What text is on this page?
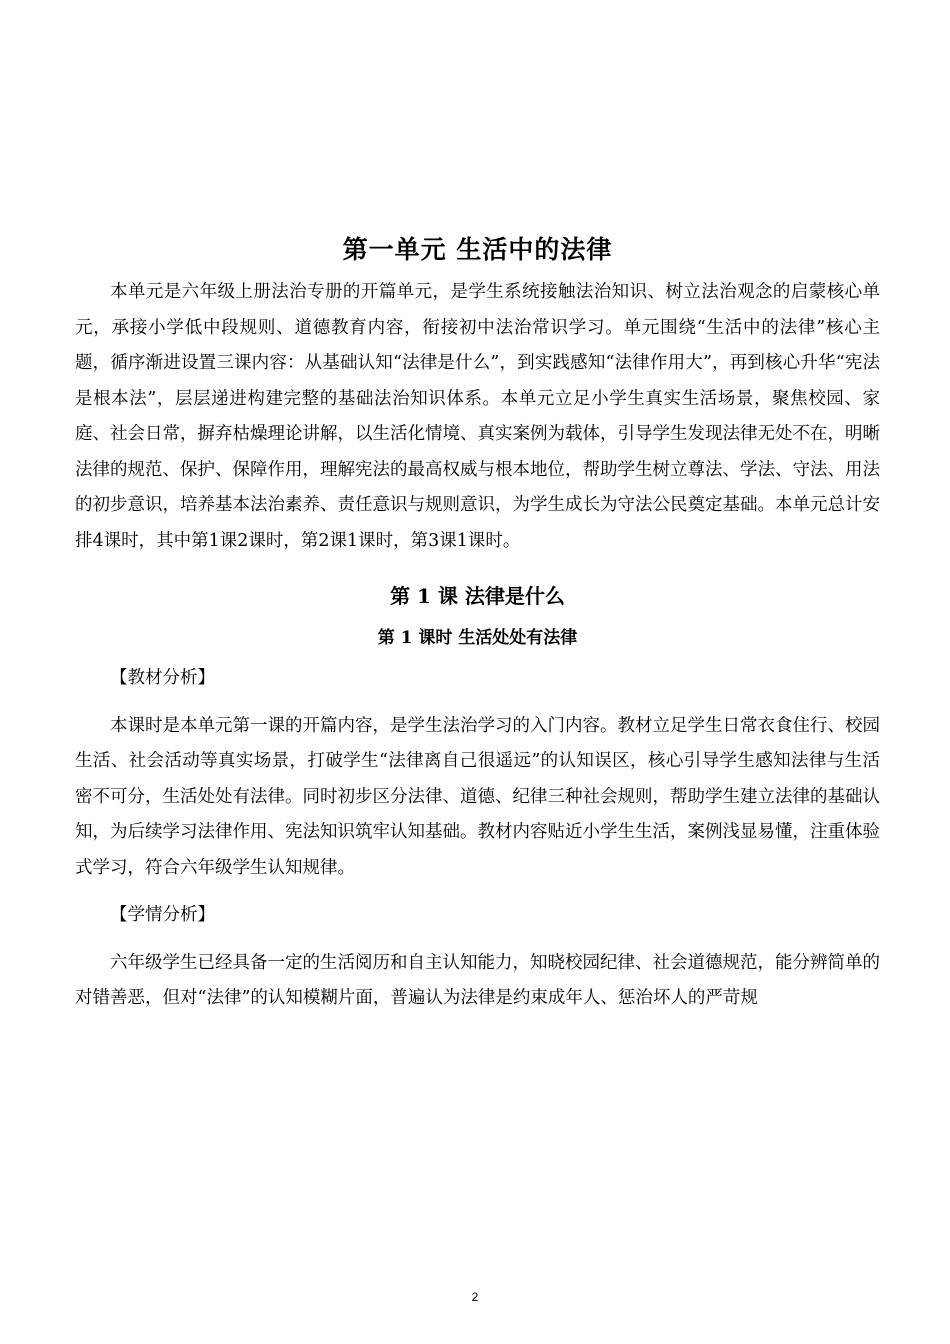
第一单元 生活中的法律

本单元是六年级上册法治专册的开篇单元，是学生系统接触法治知识、树立法治观念的启蒙核心单元，承接小学低中段规则、道德教育内容，衔接初中法治常识学习。单元围绕“生活中的法律”核心主题，循序渐进设置三课内容：从基础认知“法律是什么”，到实践感知“法律作用大”，再到核心升华“宪法是根本法”，层层递进构建完整的基础法治知识体系。本单元立足小学生真实生活场景，聚焦校园、家庭、社会日常，摒弃枯燥理论讲解，以生活化情境、真实案例为载体，引导学生发现法律无处不在，明晰法律的规范、保护、保障作用，理解宪法的最高权威与根本地位，帮助学生树立尊法、学法、守法、用法的初步意识，培养基本法治素养、责任意识与规则意识，为学生成长为守法公民奠定基础。本单元总计安排4课时，其中第1课2课时，第2课1课时，第3课1课时。

第 1 课 法律是什么
第 1 课时 生活处处有法律
【教材分析】

本课时是本单元第一课的开篇内容，是学生法治学习的入门内容。教材立足学生日常衣食住行、校园生活、社会活动等真实场景，打破学生“法律离自己很遥远”的认知误区，核心引导学生感知法律与生活密不可分，生活处处有法律。同时初步区分法律、道德、纪律三种社会规则，帮助学生建立法律的基础认知，为后续学习法律作用、宪法知识筑牢认知基础。教材内容贴近小学生生活，案例浅显易懂，注重体验式学习，符合六年级学生认知规律。

【学情分析】

六年级学生已经具备一定的生活阅历和自主认知能力，知晓校园纪律、社会道德规范，能分辨简单的对错善恶，但对“法律”的认知模糊片面，普遍认为法律是约束成年人、惩治坏人的严苛规

2
